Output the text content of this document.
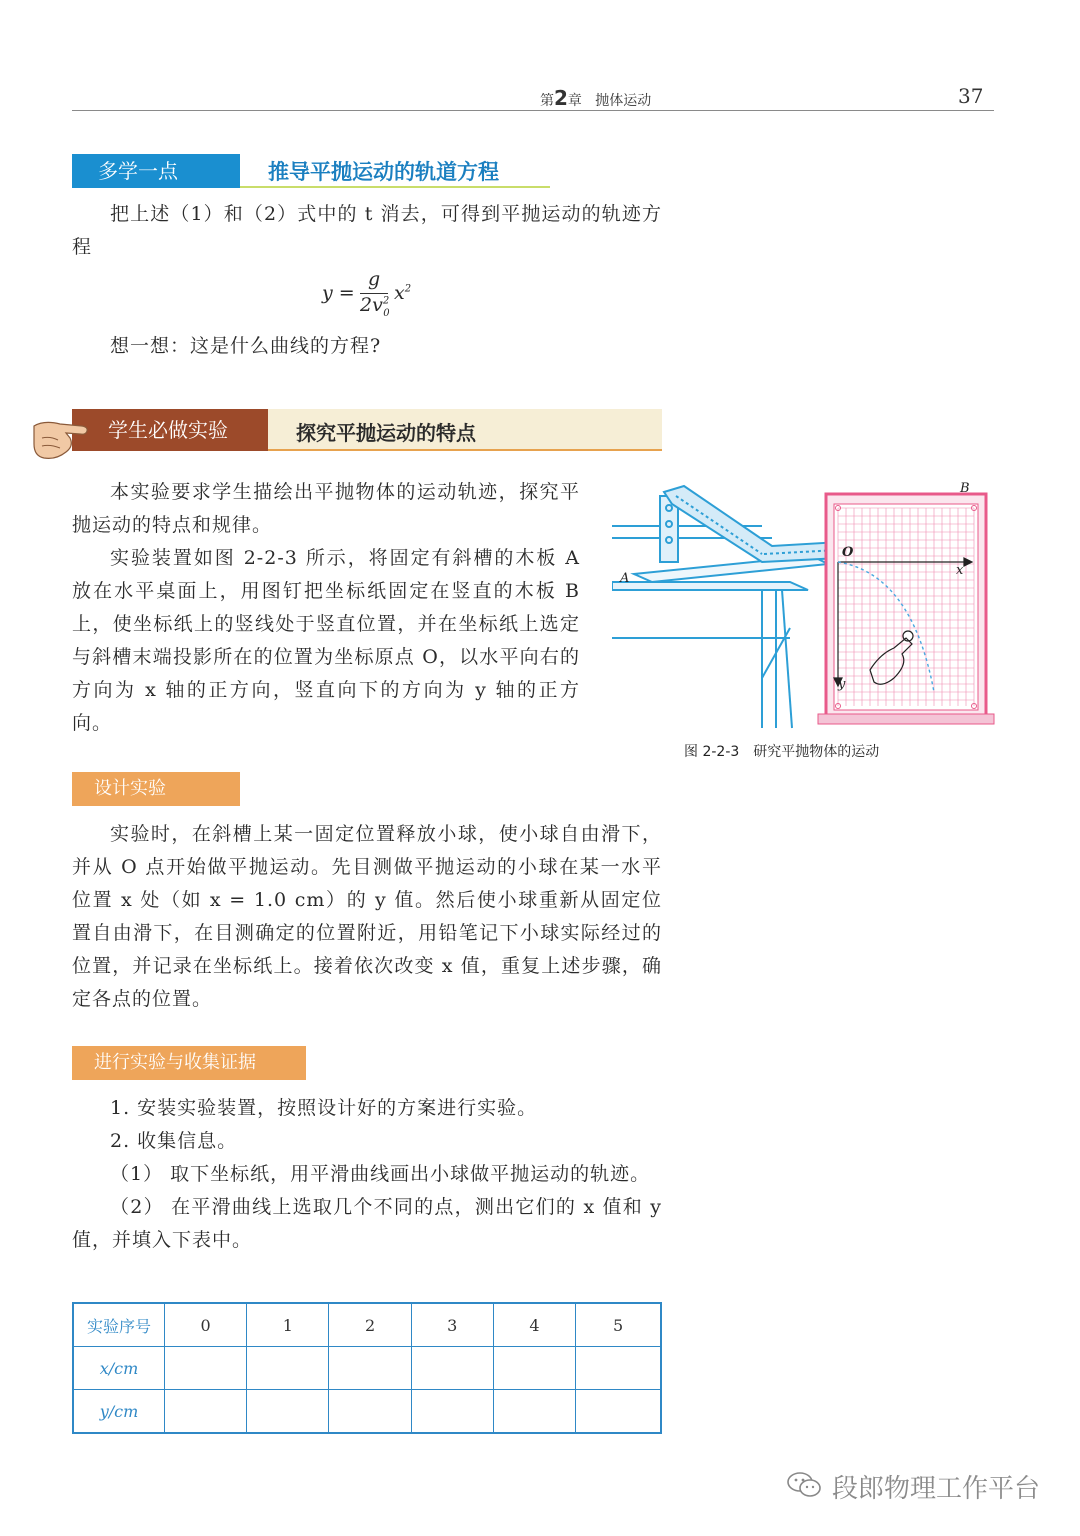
第2章 抛体运动	37
多学一点	推导平抛运动的轨道方程

把上述（1）和（2）式中的 t 消去，可得到平抛运动的轨迹方程

y =
g
$2v^2_0$
$x^2$

想一想：这是什么曲线的方程?

学生必做实验	探究平抛运动的特点

本实验要求学生描绘出平抛物体的运动轨迹，探究平抛运动的特点和规律。

实验装置如图 2-2-3 所示，将固定有斜槽的木板 A 放在水平桌面上，用图钉把坐标纸固定在竖直的木板 B 上，使坐标纸上的竖线处于竖直位置，并在坐标纸上选定与斜槽末端投影所在的位置为坐标原点 O，以水平向右的方向为 x 轴的正方向，竖直向下的方向为 y 轴的正方向。

A
B
O
x
y
图 2-2-3　研究平抛物体的运动
设计实验

实验时，在斜槽上某一固定位置释放小球，使小球自由滑下，并从 O 点开始做平抛运动。先目测做平抛运动的小球在某一水平位置 x 处（如 x = 1.0 cm）的 y 值。然后使小球重新从固定位置自由滑下，在目测确定的位置附近，用铅笔记下小球实际经过的位置，并记录在坐标纸上。接着依次改变 x 值，重复上述步骤，确定各点的位置。

进行实验与收集证据

1. 安装实验装置，按照设计好的方案进行实验。

2. 收集信息。

（1） 取下坐标纸，用平滑曲线画出小球做平抛运动的轨迹。

（2） 在平滑曲线上选取几个不同的点，测出它们的 x 值和 y 值，并填入下表中。

实验序号	0	1	2	3	4	5
x/cm						
y/cm						
段郎物理工作平台
